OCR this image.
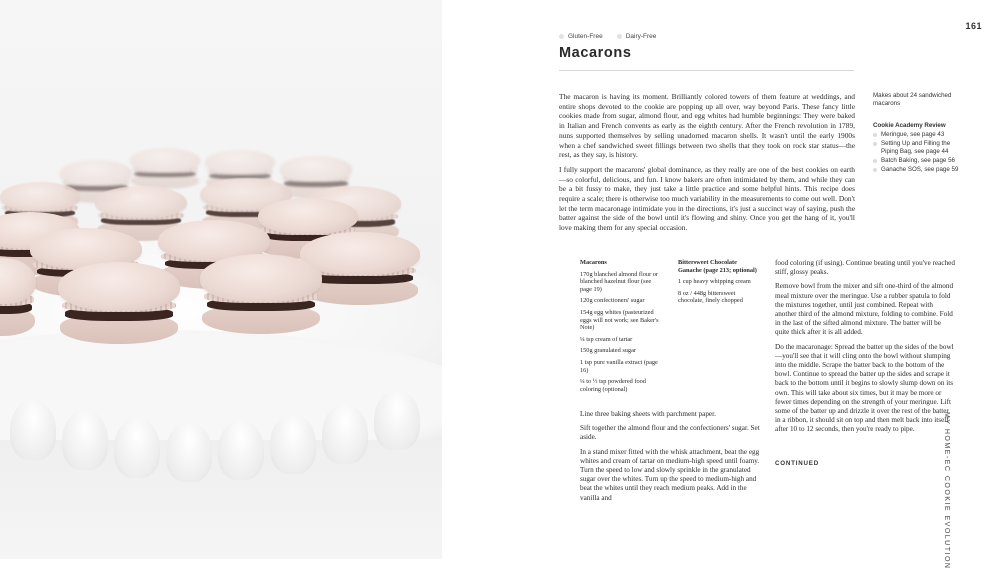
161
Gluten-Free	Dairy-Free
Macarons

The macaron is having its moment. Brilliantly colored towers of them feature at weddings, and entire shops devoted to the cookie are popping up all over, way beyond Paris. These fancy little cookies made from sugar, almond flour, and egg whites had humble beginnings: They were baked in Italian and French convents as early as the eighth century. After the French revolution in 1789, nuns supported themselves by selling unadorned macaron shells. It wasn't until the early 1900s when a chef sandwiched sweet fillings between two shells that they took on rock star status—the rest, as they say, is history.

I fully support the macarons' global dominance, as they really are one of the best cookies on earth—so colorful, delicious, and fun. I know bakers are often intimidated by them, and while they can be a bit fussy to make, they just take a little practice and some helpful hints. This recipe does require a scale; there is otherwise too much variability in the measurements to come out well. Don't let the term macaronage intimidate you in the directions, it's just a succinct way of saying, push the batter against the side of the bowl until it's flowing and shiny. Once you get the hang of it, you'll love making them for any special occasion.

Makes about 24 sandwiched macarons

Cookie Academy Review

Meringue, see page 43
Setting Up and Filling the Piping Bag, see page 44
Batch Baking, see page 56
Ganache SOS, see page 59

Macarons

170g blanched almond flour or blanched hazelnut flour (see page 19)

120g confectioners' sugar

154g egg whites (pasteurized eggs will not work; see Baker's Note)

¼ tsp cream of tartar

150g granulated sugar

1 tsp pure vanilla extract (page 16)

¼ to ½ tsp powdered food coloring (optional)

Bittersweet Chocolate Ganache (page 213; optional)

1 cup heavy whipping cream

8 oz / 448g bittersweet chocolate, finely chopped

Line three baking sheets with parchment paper.

Sift together the almond flour and the confectioners' sugar. Set aside.

In a stand mixer fitted with the whisk attachment, beat the egg whites and cream of tartar on medium-high speed until foamy. Turn the speed to low and slowly sprinkle in the granulated sugar over the whites. Turn up the speed to medium-high and beat the whites until they reach medium peaks. Add in the vanilla and

food coloring (if using). Continue beating until you've reached stiff, glossy peaks.

Remove bowl from the mixer and sift one-third of the almond meal mixture over the meringue. Use a rubber spatula to fold the mixtures together, until just combined. Repeat with another third of the almond mixture, folding to combine. Fold in the last of the sifted almond mixture. The batter will be quite thick after it is all added.

Do the macaronage: Spread the batter up the sides of the bowl—you'll see that it will cling onto the bowl without slumping into the middle. Scrape the batter back to the bottom of the bowl. Continue to spread the batter up the sides and scrape it back to the bottom until it begins to slowly slump down on its own. This will take about six times, but it may be more or fewer times depending on the strength of your meringue. Lift some of the batter up and drizzle it over the rest of the batter in a ribbon, it should sit on top and then melt back into itself after 10 to 12 seconds, then you're ready to pipe.

CONTINUED	MY HOME-EC COOKIE EVOLUTION
